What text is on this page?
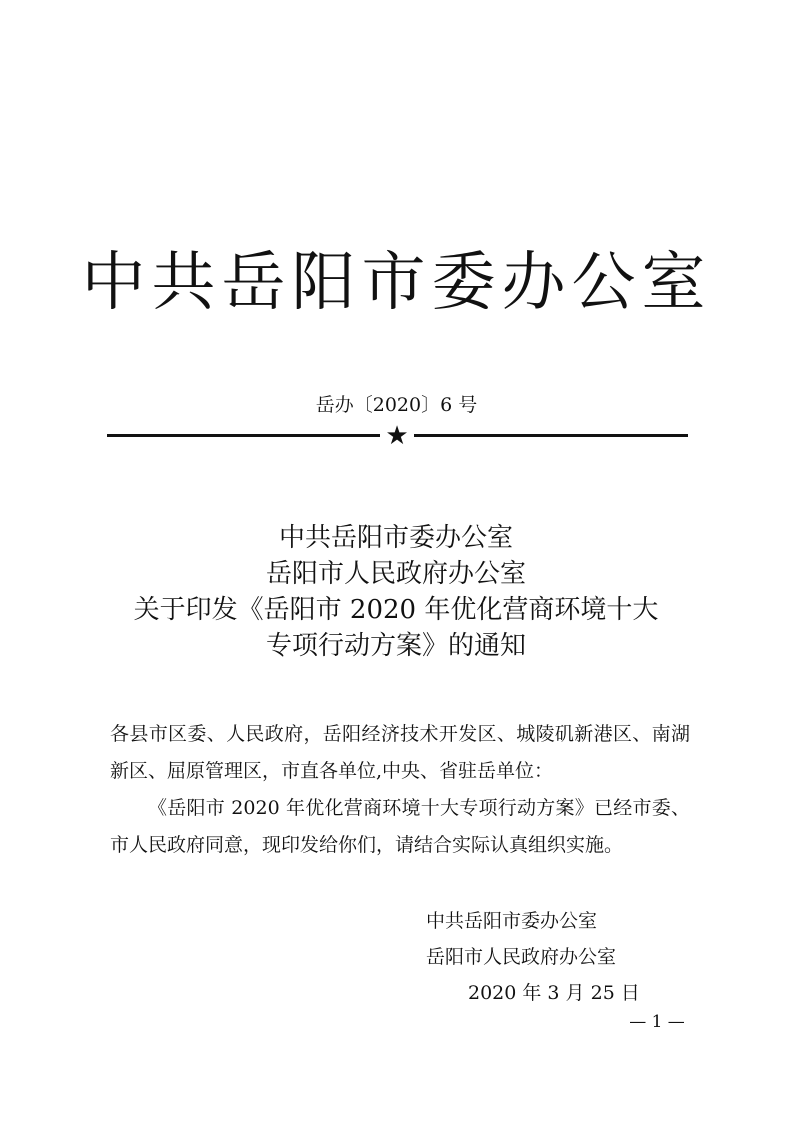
中共岳阳市委办公室
岳办〔2020〕6 号
★
中共岳阳市委办公室
岳阳市人民政府办公室
关于印发《岳阳市 2020 年优化营商环境十大
专项行动方案》的通知

各县市区委、人民政府，岳阳经济技术开发区、城陵矶新港区、南湖新区、屈原管理区，市直各单位,中央、省驻岳单位：

《岳阳市 2020 年优化营商环境十大专项行动方案》已经市委、市人民政府同意，现印发给你们，请结合实际认真组织实施。

中共岳阳市委办公室
岳阳市人民政府办公室
2020 年 3 月 25 日
— 1 —
